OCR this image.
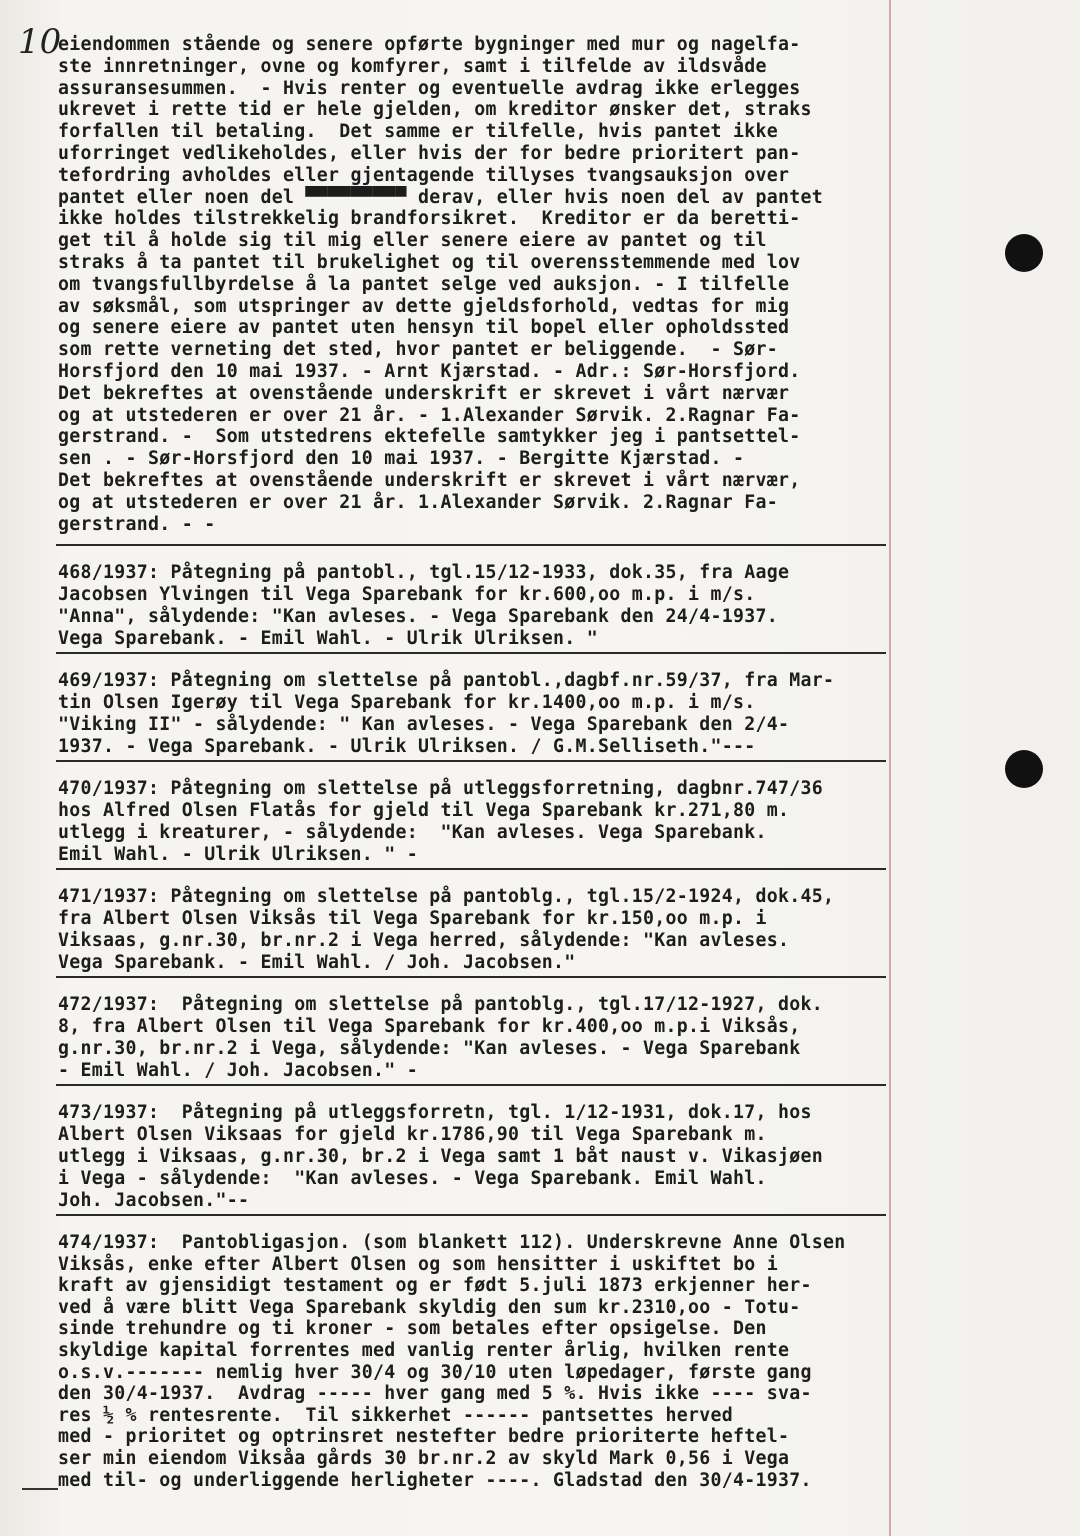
10
eiendommen stående og senere opførte bygninger med mur og nagelfa-
ste innretninger, ovne og komfyrer, samt i tilfelde av ildsvåde
assuransesummen.  - Hvis renter og eventuelle avdrag ikke erlegges
ukrevet i rette tid er hele gjelden, om kreditor ønsker det, straks
forfallen til betaling.  Det samme er tilfelle, hvis pantet ikke
uforringet vedlikeholdes, eller hvis der for bedre prioritert pan-
tefordring avholdes eller gjentagende tillyses tvangsauksjon over
pantet eller noen del ▀▀▀▀▀▀▀▀▀ derav, eller hvis noen del av pantet
ikke holdes tilstrekkelig brandforsikret.  Kreditor er da beretti-
get til å holde sig til mig eller senere eiere av pantet og til
straks å ta pantet til brukelighet og til overensstemmende med lov
om tvangsfullbyrdelse å la pantet selge ved auksjon. - I tilfelle
av søksmål, som utspringer av dette gjeldsforhold, vedtas for mig
og senere eiere av pantet uten hensyn til bopel eller opholdssted
som rette verneting det sted, hvor pantet er beliggende.  - Sør-
Horsfjord den 10 mai 1937. - Arnt Kjærstad. - Adr.: Sør-Horsfjord.
Det bekreftes at ovenstående underskrift er skrevet i vårt nærvær
og at utstederen er over 21 år. - 1.Alexander Sørvik. 2.Ragnar Fa-
gerstrand. -  Som utstedrens ektefelle samtykker jeg i pantsettel-
sen . - Sør-Horsfjord den 10 mai 1937. - Bergitte Kjærstad. -
Det bekreftes at ovenstående underskrift er skrevet i vårt nærvær,
og at utstederen er over 21 år. 1.Alexander Sørvik. 2.Ragnar Fa-
gerstrand. - -
468/1937: Påtegning på pantobl., tgl.15/12-1933, dok.35, fra Aage
Jacobsen Ylvingen til Vega Sparebank for kr.600,oo m.p. i m/s.
"Anna", sålydende: "Kan avleses. - Vega Sparebank den 24/4-1937.
Vega Sparebank. - Emil Wahl. - Ulrik Ulriksen. "
469/1937: Påtegning om slettelse på pantobl.,dagbf.nr.59/37, fra Mar-
tin Olsen Igerøy til Vega Sparebank for kr.1400,oo m.p. i m/s.
"Viking II" - sålydende: " Kan avleses. - Vega Sparebank den 2/4-
1937. - Vega Sparebank. - Ulrik Ulriksen. / G.M.Selliseth."---
470/1937: Påtegning om slettelse på utleggsforretning, dagbnr.747/36
hos Alfred Olsen Flatås for gjeld til Vega Sparebank kr.271,80 m.
utlegg i kreaturer, - sålydende:  "Kan avleses. Vega Sparebank.
Emil Wahl. - Ulrik Ulriksen. " -
471/1937: Påtegning om slettelse på pantoblg., tgl.15/2-1924, dok.45,
fra Albert Olsen Viksås til Vega Sparebank for kr.150,oo m.p. i
Viksaas, g.nr.30, br.nr.2 i Vega herred, sålydende: "Kan avleses.
Vega Sparebank. - Emil Wahl. / Joh. Jacobsen."
472/1937:  Påtegning om slettelse på pantoblg., tgl.17/12-1927, dok.
8, fra Albert Olsen til Vega Sparebank for kr.400,oo m.p.i Viksås,
g.nr.30, br.nr.2 i Vega, sålydende: "Kan avleses. - Vega Sparebank
- Emil Wahl. / Joh. Jacobsen." -
473/1937:  Påtegning på utleggsforretn, tgl. 1/12-1931, dok.17, hos
Albert Olsen Viksaas for gjeld kr.1786,90 til Vega Sparebank m.
utlegg i Viksaas, g.nr.30, br.2 i Vega samt 1 båt naust v. Vikasjøen
i Vega - sålydende:  "Kan avleses. - Vega Sparebank. Emil Wahl.
Joh. Jacobsen."--
474/1937:  Pantobligasjon. (som blankett 112). Underskrevne Anne Olsen
Viksås, enke efter Albert Olsen og som hensitter i uskiftet bo i
kraft av gjensidigt testament og er født 5.juli 1873 erkjenner her-
ved å være blitt Vega Sparebank skyldig den sum kr.2310,oo - Totu-
sinde trehundre og ti kroner - som betales efter opsigelse. Den
skyldige kapital forrentes med vanlig renter årlig, hvilken rente
o.s.v.------- nemlig hver 30/4 og 30/10 uten løpedager, første gang
den 30/4-1937.  Avdrag ----- hver gang med 5 %. Hvis ikke ---- sva-
res ½ % rentesrente.  Til sikkerhet ------ pantsettes herved
med - prioritet og optrinsret nestefter bedre prioriterte heftel-
ser min eiendom Viksåa gårds 30 br.nr.2 av skyld Mark 0,56 i Vega
med til- og underliggende herligheter ----. Gladstad den 30/4-1937.
